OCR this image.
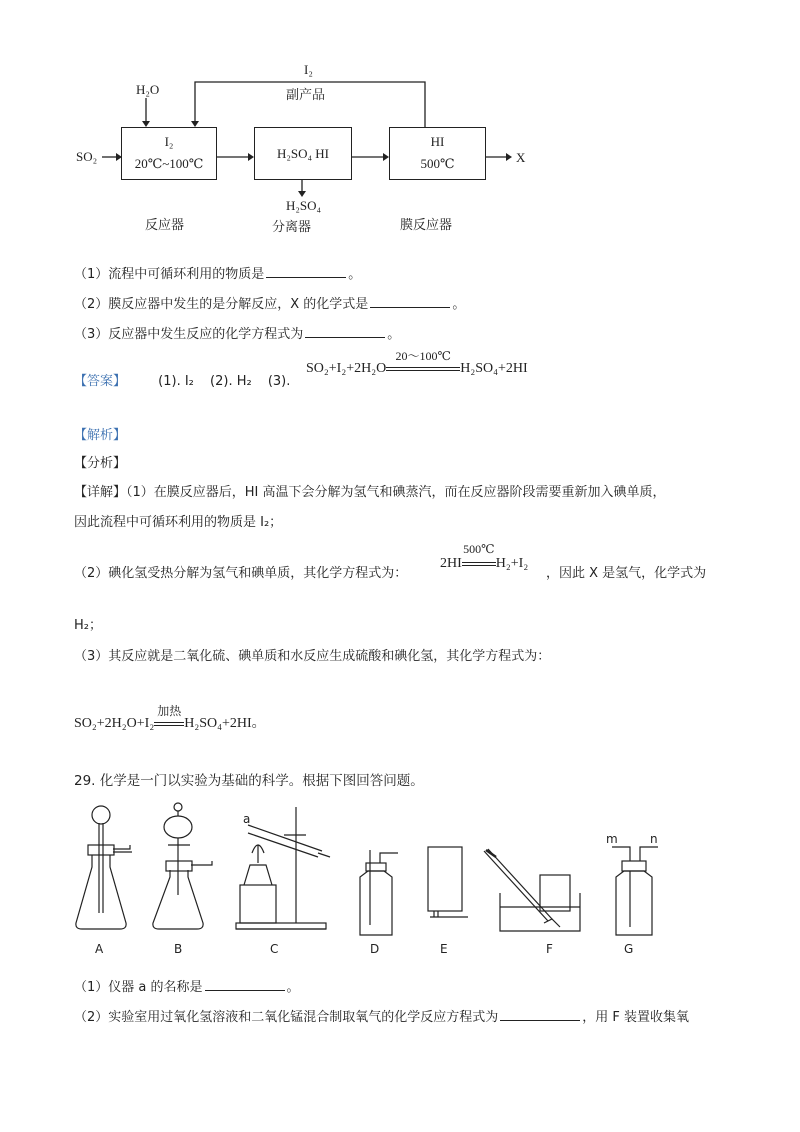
H₂O
I₂
副产品
SO₂
I₂
20℃~100℃
H₂SO₄ HI
HI
500℃	X
H₂SO₄
反应器	分离器	膜反应器
（1）流程中可循环利用的物质是	。
（2）膜反应器中发生的是分解反应，X 的化学式是	。
（3）反应器中发生反应的化学方程式为	。
【答案】 (1). I₂ (2). H₂ (3).
SO₂+I₂+2H₂O
20～100℃
H₂SO₄+2HI
【解析】
【分析】
【详解】（1）在膜反应器后，HI 高温下会分解为氢气和碘蒸汽，而在反应器阶段需要重新加入碘单质，
因此流程中可循环利用的物质是 I₂；
（2）碘化氢受热分解为氢气和碘单质，其化学方程式为：
2HI
500℃
H₂+I₂
，因此 X 是氢气，化学式为
H₂；
（3）其反应就是二氧化硫、碘单质和水反应生成硫酸和碘化氢，其化学方程式为：
SO₂+2H₂O+I₂
加热
H₂SO₄+2HI。
29. 化学是一门以实验为基础的科学。根据下图回答问题。
a
m	n
A	B	C	D	E	F	G
（1）仪器 a 的名称是	。
（2）实验室用过氧化氢溶液和二氧化锰混合制取氧气的化学反应方程式为	，用 F 装置收集氧
